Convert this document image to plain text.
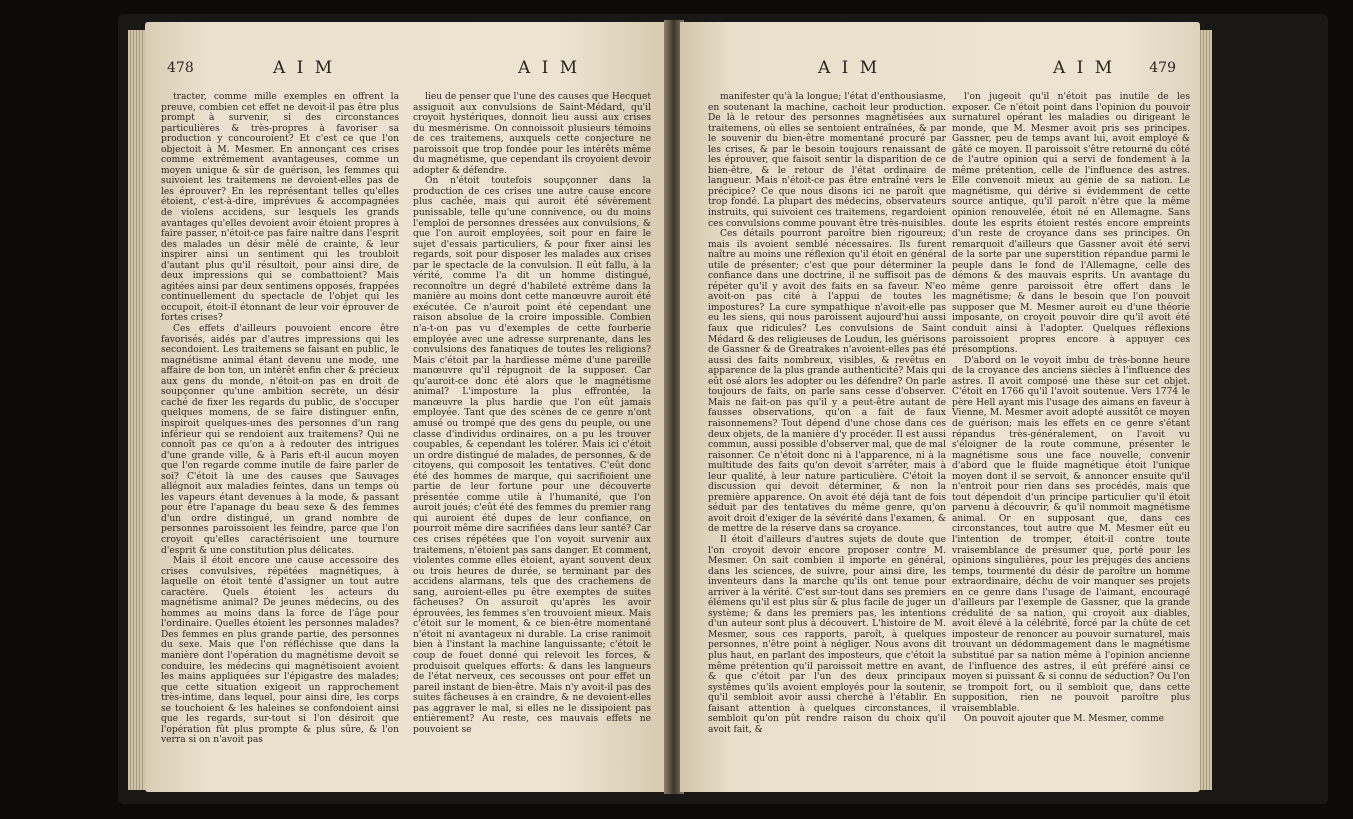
478	A I M	A I M

tracter, comme mille exemples en offrent la preuve, combien cet effet ne devoit-il pas être plus prompt à survenir, si des circonstances particulières & très-propres à favoriser sa production y concouroient? Et c'est ce que l'on objectoit à M. Mesmer. En annonçant ces crises comme extrêmement avantageuses, comme un moyen unique & sûr de guérison, les femmes qui suivoient les traitemens ne devoient-elles pas de les éprouver? En les représentant telles qu'elles étoient, c'est-à-dire, imprévues & accompagnées de violens accidens, sur lesquels les grands avantages qu'elles devoient avoir étoient propres à faire passer, n'étoit-ce pas faire naître dans l'esprit des malades un désir mêlé de crainte, & leur inspirer ainsi un sentiment qui les troubloit d'autant plus qu'il résultoit, pour ainsi dire, de deux impressions qui se combattoient? Mais agitées ainsi par deux sentimens opposés, frappées continuellement du spectacle de l'objet qui les occupoit, étoit-il étonnant de leur voir éprouver de fortes crises?

Ces effets d'ailleurs pouvoient encore être favorisés, aidés par d'autres impressions qui les secondoient. Les traitemens se faisant en public, le magnétisme animal étant devenu une mode, une affaire de bon ton, un intérêt enfin cher & précieux aux gens du monde, n'étoit-on pas en droit de soupçonner qu'une ambition secrète, un désir caché de fixer les regards du public, de s'occuper quelques momens, de se faire distinguer enfin, inspiroit quelques-unes des personnes d'un rang inférieur qui se rendoient aux traitemens? Qui ne connoît pas ce qu'on a à redouter des intrigues d'une grande ville, & à Paris eft-il aucun moyen que l'on regarde comme inutile de faire parler de soi? C'étoit là une des causes que Sauvages allégnoit aux maladies feintes, dans un temps où les vapeurs étant devenues à la mode, & passant pour être l'apanage du beau sexe & des femmes d'un ordre distingué, un grand nombre de personnes paroissoient les feindre, parce que l'on croyoit qu'elles caractérisoient une tournure d'esprit & une constitution plus délicates.

Mais il étoit encore une cause accessoire des crises convulsives, répétées magnétiques, à laquelle on étoit tenté d'assigner un tout autre caractère. Quels étoient les acteurs du magnétisme animal? De jeunes médecins, ou des hommes au moins dans la force de l'âge pour l'ordinaire. Quelles étoient les personnes malades? Des femmes en plus grande partie, des personnes du sexe. Mais que l'on réfléchisse que dans la manière dont l'opération du magnétisme devoit se conduire, les médecins qui magnétisoient avoient les mains appliquées sur l'épigastre des malades; que cette situation exigeoit un rapprochement très-intime, dans lequel, pour ainsi dire, les corps se touchoient & les haleines se confondoient ainsi que les regards, sur-tout si l'on désiroit que l'opération fût plus prompte & plus sûre, & l'on verra si on n'avoit pas

lieu de penser que l'une des causes que Hecquet assiguoit aux convulsions de Saint-Médard, qu'il croyoit hystériques, donnoit lieu aussi aux crises du mesmérisme. On connoissoit plusieurs témoins de ces traitemens, auxquels cette conjecture ne paroissoit que trop fondée pour les intérêts même du magnétisme, que cependant ils croyoient devoir adopter & défendre.

On n'étoit toutefois soupçonner dans la production de ces crises une autre cause encore plus cachée, mais qui auroit été sévèrement punissable, telle qu'une connivence, ou du moins l'emploi de personnes dressées aux convulsions, & que l'on auroit employées, soit pour en faire le sujet d'essais particuliers, & pour fixer ainsi les regards, soit pour disposer les malades aux crises par le spectacle de la convulsion. Il eût fallu, à la vérité, comme l'a dit un homme distingué, reconnoître un degré d'habileté extrême dans la manière au moins dont cette manœuvre auroit été exécutée. Ce n'auroit point été cependant une raison absolue de la croire impossible. Combien n'a-t-on pas vu d'exemples de cette fourberie employée avec une adresse surprenante, dans les convulsions des fanatiques de toutes les religions? Mais c'étoit par la hardiesse même d'une pareille manœuvre qu'il répugnoit de la supposer. Car qu'auroit-ce donc été alors que le magnétisme animal? L'imposture la plus effrontée, la manœuvre la plus hardie que l'on eût jamais employée. Tant que des scènes de ce genre n'ont amusé ou trompé que des gens du peuple, ou une classe d'individus ordinaires, on a pu les trouver coupables, & cependant les tolérer. Mais ici c'étoit un ordre distingué de malades, de personnes, & de citoyens, qui composoit les tentatives. C'eût donc été des hommes de marque, qui sacrifioient une partie de leur fortune pour une découverte présentée comme utile à l'humanité, que l'on auroit joués; c'eût été des femmes du premier rang qui auroient été dupes de leur confiance, on pourroit même dire sacrifiées dans leur santé? Car ces crises répétées que l'on voyoit survenir aux traitemens, n'étoient pas sans danger. Et comment, violentes comme elles étoient, ayant souvent deux ou trois heures de durée, se terminant par des accidens alarmans, tels que des crachemens de sang, auroient-elles pu être exemptes de suites fâcheuses? On assuroit qu'après les avoir éprouvées, les femmes s'en trouvoient mieux. Mais c'étoit sur le moment, & ce bien-être momentané n'étoit ni avantageux ni durable. La crise ranimoit bien à l'instant la machine languissante; c'étoit le coup de fouet donné qui relevoit les forces, & produisoit quelques efforts: & dans les langueurs de l'état nerveux, ces secousses ont pour effet un pareil instant de bien-être. Mais n'y avoit-il pas des suites fâcheuses à en craindre, & ne devoient-elles pas aggraver le mal, si elles ne le dissipoient pas entièrement? Au reste, ces mauvais effets ne pouvoient se

A I M	A I M 479

manifester qu'à la longue; l'état d'enthousiasme, en soutenant la machine, cachoit leur production. De là le retour des personnes magnétisées aux traitemens, où elles se sentoient entraînées, & par le souvenir du bien-être momentané procuré par les crises, & par le besoin toujours renaissant de les éprouver, que faisoit sentir la disparition de ce bien-être, & le retour de l'état ordinaire de langueur. Mais n'étoit-ce pas être entraîné vers le précipice? Ce que nous disons ici ne paroît que trop fondé. La plupart des médecins, observateurs instruits, qui suivoient ces traitemens, regardoient ces convulsions comme pouvant être très-nuisibles.

Ces détails pourront paroître bien rigoureux; mais ils avoient semblé nécessaires. Ils furent naître au moins une réflexion qu'il étoit en général utile de présenter; c'est que pour déterminer la confiance dans une doctrine, il ne suffisoit pas de répéter qu'il y avoit des faits en sa faveur. N'eo avoit-on pas cité à l'appui de toutes les impostures? La cure sympathique n'avoit-elle pas eu les siens, qui nous paroissent aujourd'hui aussi faux que ridicules? Les convulsions de Saint Médard & des religieuses de Loudun, les guérisons de Gassner & de Greatrakes n'avoient-elles pas été aussi des faits nombreux, visibles, & revêtus en apparence de la plus grande authenticité? Mais qui eût osé alors les adopter ou les défendre? On parle toujours de faits, on parle sans cesse d'observer. Mais ne fait-on pas qu'il y a peut-être autant de fausses observations, qu'on a fait de faux raisonnemens? Tout dépend d'une chose dans ces deux objets, de la manière d'y procéder. Il est aussi commun, aussi possible d'observer mal, que de mal raisonner. Ce n'étoit donc ni à l'apparence, ni à la multitude des faits qu'on devoit s'arrêter, mais à leur qualité, à leur nature particulière. C'étoit la discussion qui devoit déterminer, & non la première apparence. On avoit été déjà tant de fois séduit par des tentatives du même genre, qu'on avoit droit d'exiger de la sévérité dans l'examen, & de mettre de la réserve dans sa croyance.

Il étoit d'ailleurs d'autres sujets de doute que l'on croyoit devoir encore proposer contre M. Mesmer. On sait combien il importe en général, dans les sciences, de suivre, pour ainsi dire, les inventeurs dans la marche qu'ils ont tenue pour arriver à la vérité. C'est sur-tout dans ses premiers élémens qu'il est plus sûr & plus facile de juger un système; & dans les premiers pas, les intentions d'un auteur sont plus à découvert. L'histoire de M. Mesmer, sous ces rapports, paroît, à quelques personnes, n'être point à négliger. Nous avons dit plus haut, en parlant des imposteurs, que c'étoit la même prétention qu'il paroissoit mettre en avant, & que c'étoit par l'un des deux principaux systêmes qu'ils avoient employés pour la soutenir, qu'il sembloit avoir aussi cherché à l'établir. En faisant attention à quelques circonstances, il sembloit qu'on pût rendre raison du choix qu'il avoit fait, &

l'on jugeoit qu'il n'étoit pas inutile de les exposer. Ce n'étoit point dans l'opinion du pouvoir surnaturel opérant les maladies ou dirigeant le monde, que M. Mesmer avoit pris ses principes. Gassner, peu de temps avant lui, avoit employé & gâté ce moyen. Il paroissoit s'être retourné du côté de l'autre opinion qui a servi de fondement à la même prétention, celle de l'influence des astres. Elle convenoit mieux au génie de sa nation. Le magnétisme, qui dérive si évidemment de cette source antique, qu'il paroît n'être que la même opinion renouvelée, étoit né en Allemagne. Sans doute les esprits étoient restés encore empreints d'un reste de croyance dans ses principes. On remarquoit d'ailleurs que Gassner avoit été servi de la sorte par une superstition répandue parmi le peuple dans le fond de l'Allemagne, celle des démons & des mauvais esprits. Un avantage du même genre paroissoit être offert dans le magnétisme; & dans le besoin que l'on pouvoit supposer que M. Mesmer auroit eu d'une théorie imposante, on croyoit pouvoir dire qu'il avoit été conduit ainsi à l'adopter. Quelques réflexions paroissoient propres encore à appuyer ces présomptions.

D'abord on le voyoit imbu de très-bonne heure de la croyance des anciens siècles à l'influence des astres. Il avoit composé une thèse sur cet objet. C'étoit en 1766 qu'il l'avoit soutenue. Vers 1774 le père Hell ayant mis l'usage des aimans en faveur à Vienne, M. Mesmer avoit adopté aussitôt ce moyen de guérison; mais les effets en ce genre s'étant répandus très-généralement, on l'avoit vu s'éloigner de la route commune, présenter le magnétisme sous une face nouvelle, convenir d'abord que le fluide magnétique étoit l'unique moyen dont il se servoit, & annoncer ensuite qu'il n'entroit pour rien dans ses procédés, mais que tout dépendoit d'un principe particulier qu'il étoit parvenu à découvrir, & qu'il nommoit magnétisme animal. Or en supposant que, dans ces circonstances, tout autre que M. Mesmer eût eu l'intention de tromper, étoit-il contre toute vraisemblance de présumer que, porté pour les opinions singulières, pour les préjugés des anciens temps, tourmenté du désir de paroître un homme extraordinaire, déchu de voir manquer ses projets en ce genre dans l'usage de l'aimant, encouragé d'ailleurs par l'exemple de Gassner, que la grande crédulité de sa nation, qui croyoit aux diables, avoit élevé à la célébrité, forcé par la chûte de cet imposteur de renoncer au pouvoir surnaturel, mais trouvant un dédommagement dans le magnétisme substitué par sa nation même à l'opinion ancienne de l'influence des astres, il eût préféré ainsi ce moyen si puissant & si connu de séduction? Ou l'on se trompoit fort, ou il sembloit que, dans cette supposition, rien ne pouvoit paroître plus vraisemblable.

On pouvoit ajouter que M. Mesmer, comme
